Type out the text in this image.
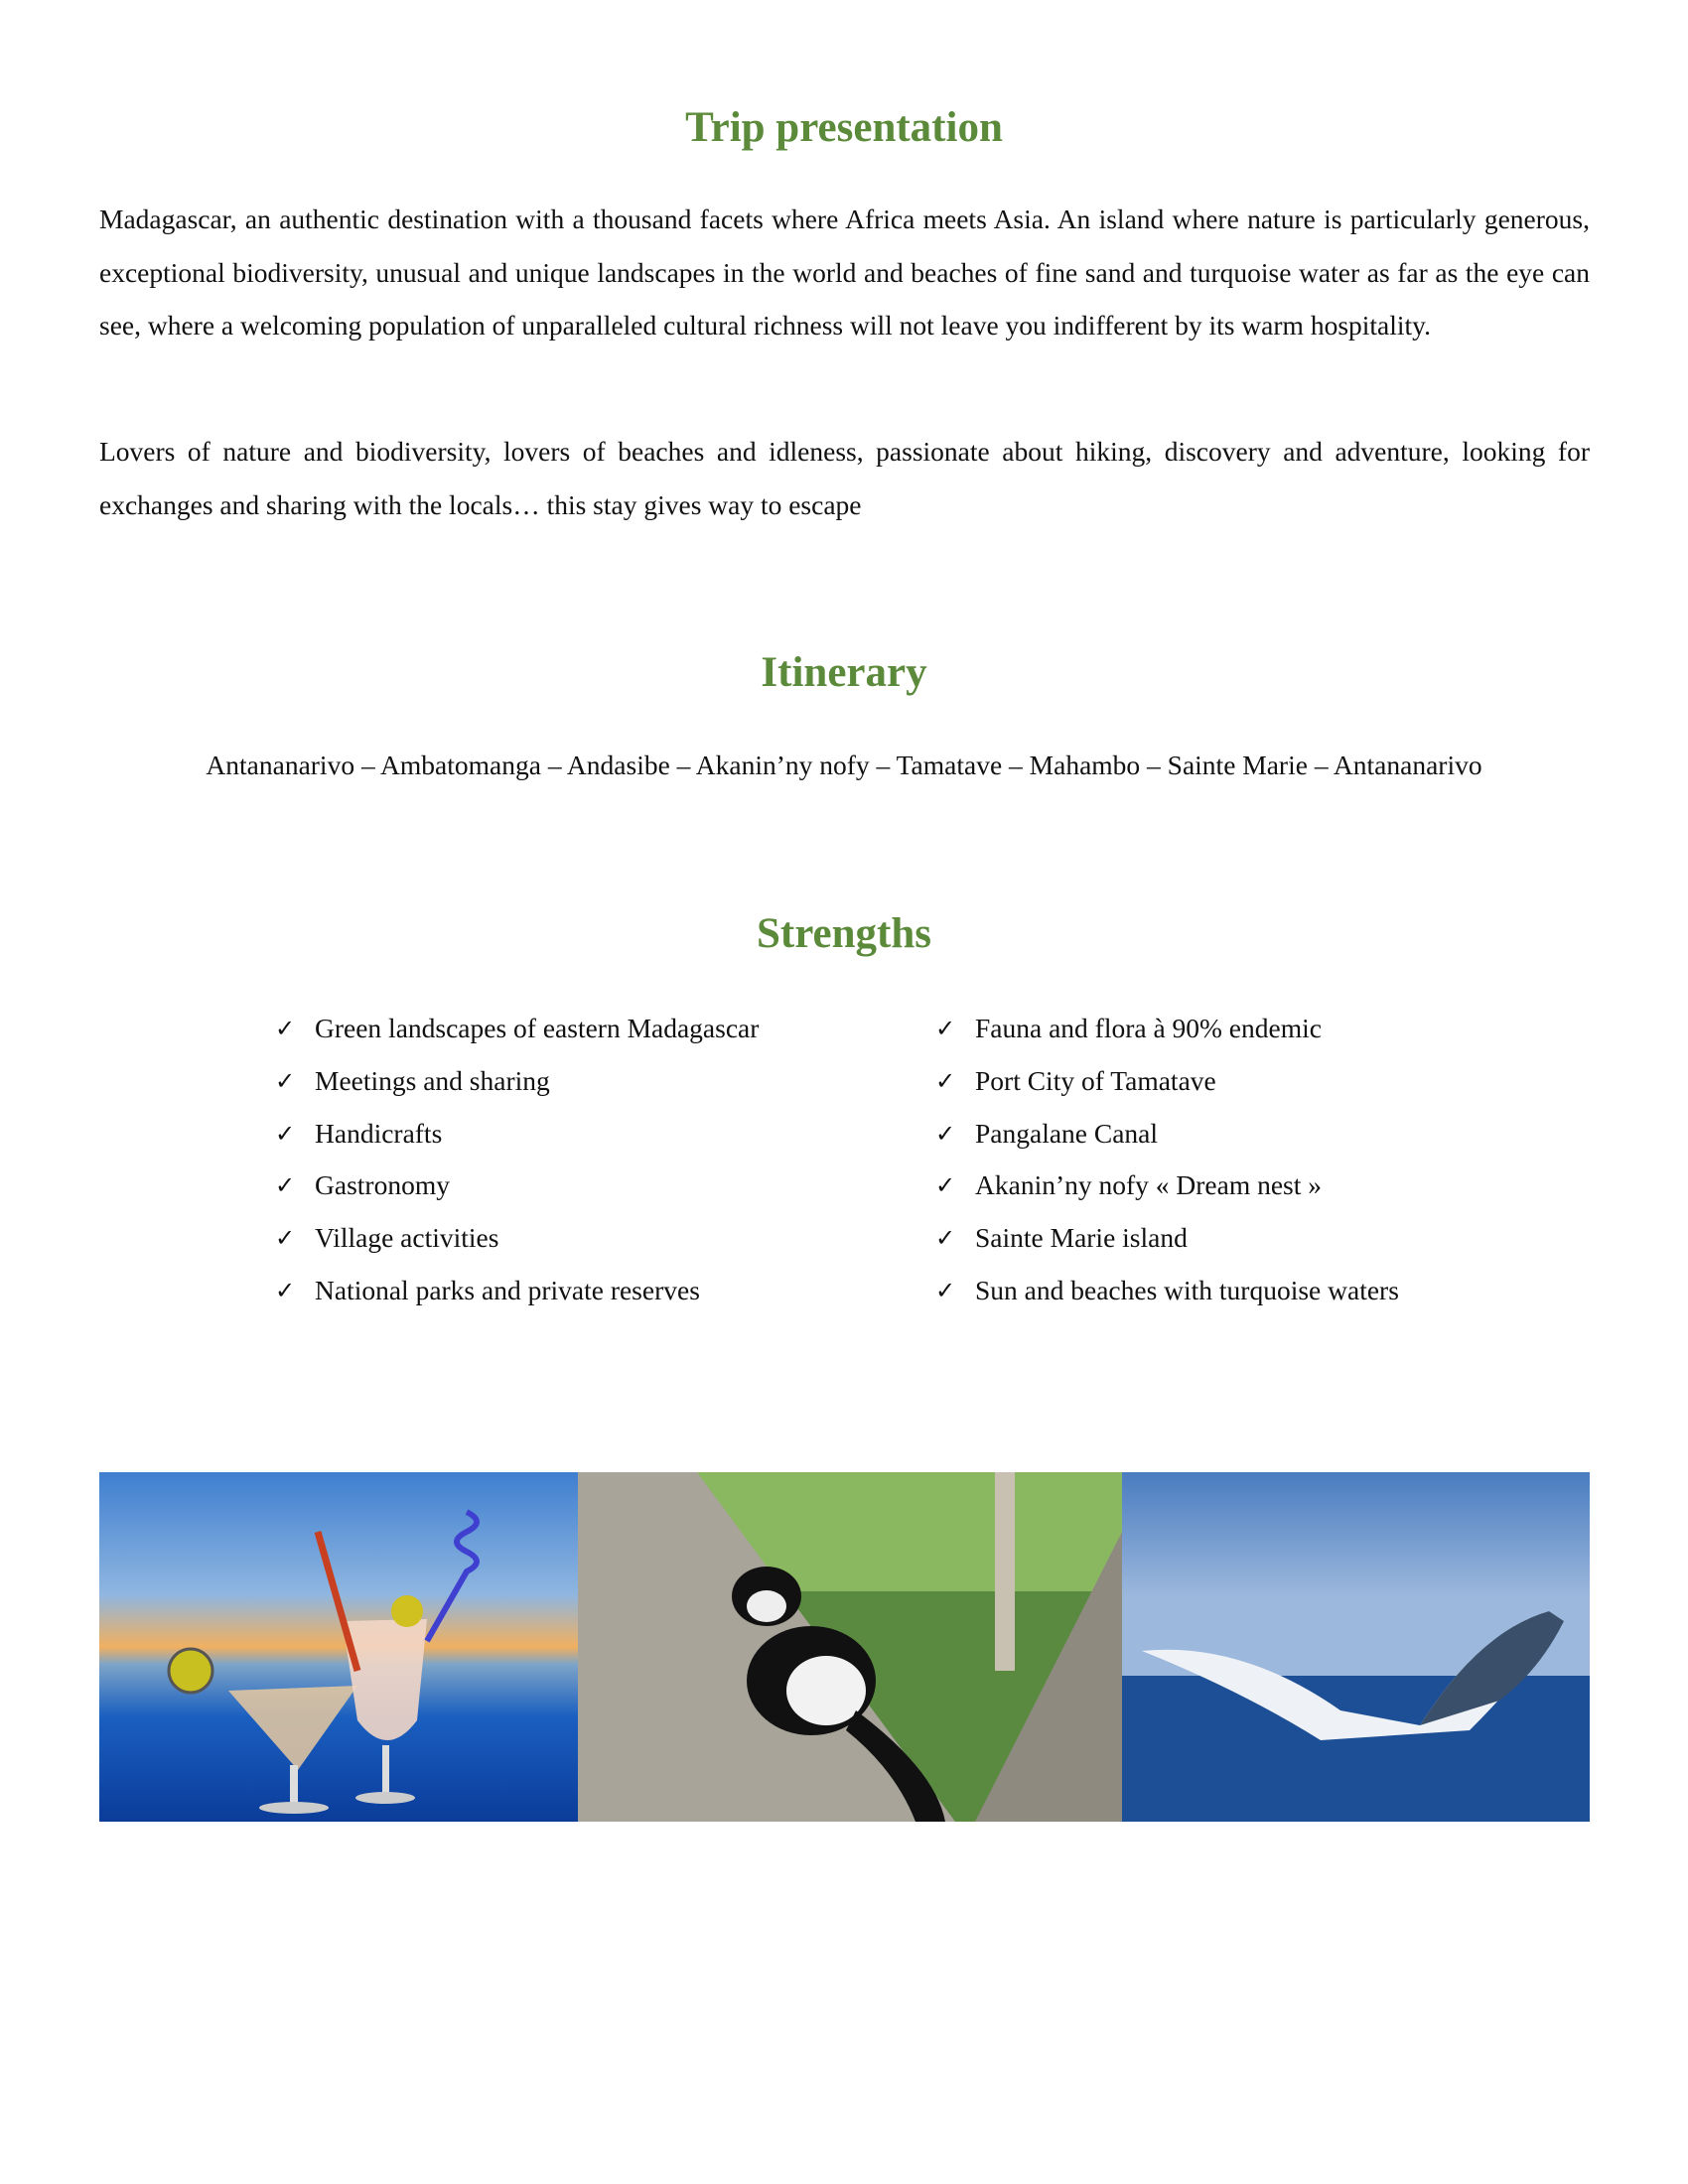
Trip presentation

Madagascar, an authentic destination with a thousand facets where Africa meets Asia. An island where nature is particularly generous, exceptional biodiversity, unusual and unique landscapes in the world and beaches of fine sand and turquoise water as far as the eye can see, where a welcoming population of unparalleled cultural richness will not leave you indifferent by its warm hospitality.

Lovers of nature and biodiversity, lovers of beaches and idleness, passionate about hiking, discovery and adventure, looking for exchanges and sharing with the locals… this stay gives way to escape

Itinerary
Antananarivo – Ambatomanga – Andasibe – Akanin’ny nofy – Tamatave – Mahambo – Sainte Marie – Antananarivo
Strengths
✓ Green landscapes of eastern Madagascar
✓ Meetings and sharing
✓ Handicrafts
✓ Gastronomy
✓ Village activities
✓ National parks and private reserves
✓ Fauna and flora à 90% endemic
✓ Port City of Tamatave
✓ Pangalane Canal
✓ Akanin’ny nofy « Dream nest »
✓ Sainte Marie island
✓ Sun and beaches with turquoise waters
